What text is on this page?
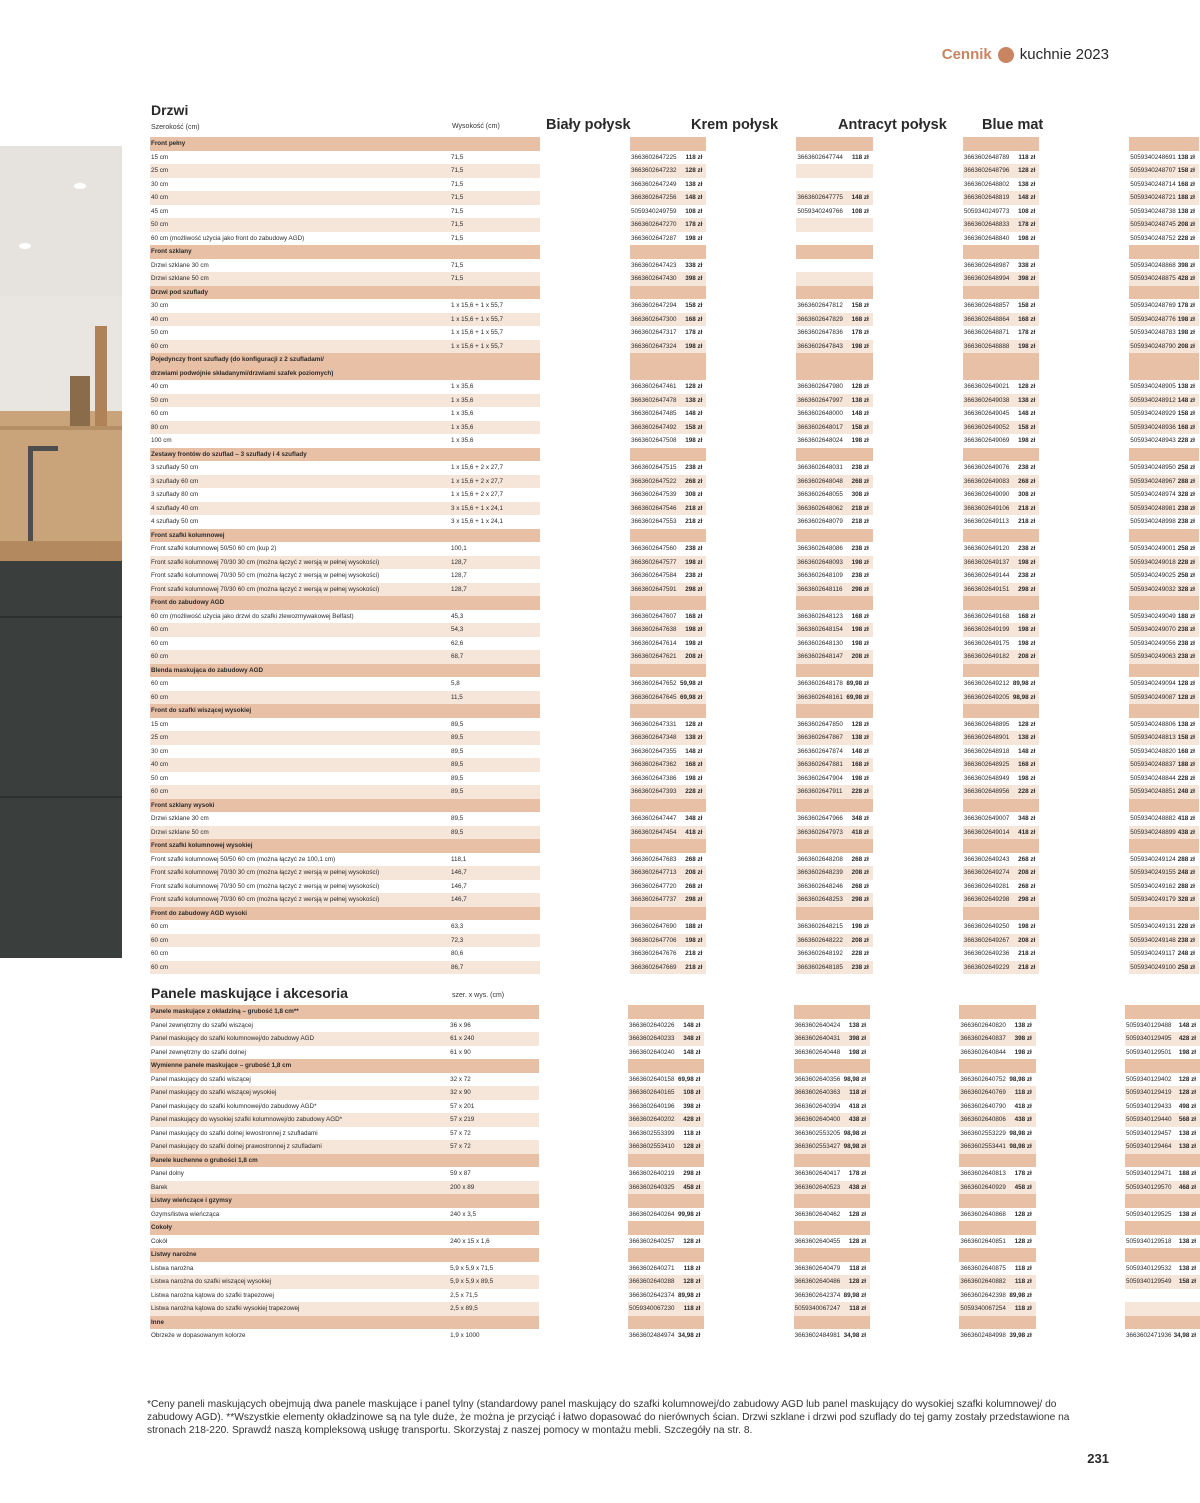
Cennik kuchnie 2023
Drzwi
Szerokość (cm)	Wysokość (cm)	Biały połysk	Krem połysk	Antracyt połysk Blue mat
Front pełny													
15 cm	71,5		3663602647225	118 zł		3663602647744	118 zł		3663602648789	118 zł		5059340248691	138 zł
25 cm	71,5		3663602647232	128 zł					3663602648796	128 zł		5059340248707	158 zł
30 cm	71,5		3663602647249	138 zł					3663602648802	138 zł		5059340248714	168 zł
40 cm	71,5		3663602647256	148 zł		3663602647775	148 zł		3663602648819	148 zł		5059340248721	188 zł
45 cm	71,5		5059340249759	108 zł		5059340249766	108 zł		5059340249773	108 zł		5059340248738	138 zł
50 cm	71,5		3663602647270	178 zł					3663602648833	178 zł		5059340248745	208 zł
60 cm (możliwość użycia jako front do zabudowy AGD)	71,5		3663602647287	198 zł					3663602648840	198 zł		5059340248752	228 zł
Front szklany													
Drzwi szklane 30 cm	71,5		3663602647423	338 zł					3663602648987	338 zł		5059340248868	398 zł
Drzwi szklane 50 cm	71,5		3663602647430	398 zł					3663602648994	398 zł		5059340248875	428 zł
Drzwi pod szuflady													
30 cm	1 x 15,6 + 1 x 55,7		3663602647294	158 zł		3663602647812	158 zł		3663602648857	158 zł		5059340248769	178 zł
40 cm	1 x 15,6 + 1 x 55,7		3663602647300	168 zł		3663602647829	168 zł		3663602648864	168 zł		5059340248776	198 zł
50 cm	1 x 15,6 + 1 x 55,7		3663602647317	178 zł		3663602647836	178 zł		3663602648871	178 zł		5059340248783	198 zł
60 cm	1 x 15,6 + 1 x 55,7		3663602647324	198 zł		3663602647843	198 zł		3663602648888	198 zł		5059340248790	208 zł
Pojedynczy front szuflady (do konfiguracji z 2 szufladami/													
drzwiami podwójnie składanymi/drzwiami szafek poziomych)													
40 cm	1 x 35,6		3663602647461	128 zł		3663602647980	128 zł		3663602649021	128 zł		5059340248905	138 zł
50 cm	1 x 35,6		3663602647478	138 zł		3663602647997	138 zł		3663602649038	138 zł		5059340248912	148 zł
60 cm	1 x 35,6		3663602647485	148 zł		3663602648000	148 zł		3663602649045	148 zł		5059340248929	158 zł
80 cm	1 x 35,6		3663602647492	158 zł		3663602648017	158 zł		3663602649052	158 zł		5059340248936	168 zł
100 cm	1 x 35,6		3663602647508	198 zł		3663602648024	198 zł		3663602649069	198 zł		5059340248943	228 zł
Zestawy frontów do szuflad – 3 szuflady i 4 szuflady													
3 szuflady 50 cm	1 x 15,6 + 2 x 27,7		3663602647515	238 zł		3663602648031	238 zł		3663602649076	238 zł		5059340248950	258 zł
3 szuflady 60 cm	1 x 15,6 + 2 x 27,7		3663602647522	268 zł		3663602648048	268 zł		3663602649083	268 zł		5059340248967	288 zł
3 szuflady 80 cm	1 x 15,6 + 2 x 27,7		3663602647539	308 zł		3663602648055	308 zł		3663602649090	308 zł		5059340248974	328 zł
4 szuflady 40 cm	3 x 15,6 + 1 x 24,1		3663602647546	218 zł		3663602648062	218 zł		3663602649106	218 zł		5059340248981	238 zł
4 szuflady 50 cm	3 x 15,6 + 1 x 24,1		3663602647553	218 zł		3663602648079	218 zł		3663602649113	218 zł		5059340248998	238 zł
Front szafki kolumnowej													
Front szafki kolumnowej 50/50 60 cm (kup 2)	100,1		3663602647560	238 zł		3663602648086	238 zł		3663602649120	238 zł		5059340249001	258 zł
Front szafki kolumnowej 70/30 30 cm (można łączyć z wersją w pełnej wysokości)	128,7		3663602647577	198 zł		3663602648093	198 zł		3663602649137	198 zł		5059340249018	228 zł
Front szafki kolumnowej 70/30 50 cm (można łączyć z wersją w pełnej wysokości)	128,7		3663602647584	238 zł		3663602648109	238 zł		3663602649144	238 zł		5059340249025	258 zł
Front szafki kolumnowej 70/30 60 cm (można łączyć z wersją w pełnej wysokości)	128,7		3663602647591	298 zł		3663602648116	298 zł		3663602649151	298 zł		5059340249032	328 zł
Front do zabudowy AGD													
60 cm (możliwość użycia jako drzwi do szafki zlewozmywakowej Belfast)	45,3		3663602647607	168 zł		3663602648123	168 zł		3663602649168	168 zł		5059340249049	188 zł
60 cm	54,3		3663602647638	198 zł		3663602648154	198 zł		3663602649199	198 zł		5059340249070	238 zł
60 cm	62,6		3663602647614	198 zł		3663602648130	198 zł		3663602649175	198 zł		5059340249056	238 zł
60 cm	68,7		3663602647621	208 zł		3663602648147	208 zł		3663602649182	208 zł		5059340249063	238 zł
Blenda maskująca do zabudowy AGD													
60 cm	5,8		3663602647652	59,98 zł		3663602648178	89,98 zł		3663602649212	89,98 zł		5059340249094	128 zł
60 cm	11,5		3663602647645	69,98 zł		3663602648161	69,98 zł		3663602649205	98,98 zł		5059340249087	128 zł
Front do szafki wiszącej wysokiej													
15 cm	89,5		3663602647331	128 zł		3663602647850	128 zł		3663602648895	128 zł		5059340248806	138 zł
25 cm	89,5		3663602647348	138 zł		3663602647867	138 zł		3663602648901	138 zł		5059340248813	158 zł
30 cm	89,5		3663602647355	148 zł		3663602647874	148 zł		3663602648918	148 zł		5059340248820	168 zł
40 cm	89,5		3663602647362	168 zł		3663602647881	168 zł		3663602648925	168 zł		5059340248837	188 zł
50 cm	89,5		3663602647386	198 zł		3663602647904	198 zł		3663602648949	198 zł		5059340248844	228 zł
60 cm	89,5		3663602647393	228 zł		3663602647911	228 zł		3663602648956	228 zł		5059340248851	248 zł
Front szklany wysoki													
Drzwi szklane 30 cm	89,5		3663602647447	348 zł		3663602647966	348 zł		3663602649007	348 zł		5059340248882	418 zł
Drzwi szklane 50 cm	89,5		3663602647454	418 zł		3663602647973	418 zł		3663602649014	418 zł		5059340248899	438 zł
Front szafki kolumnowej wysokiej													
Front szafki kolumnowej 50/50 60 cm (można łączyć ze 100,1 cm)	118,1		3663602647683	268 zł		3663602648208	268 zł		3663602649243	268 zł		5059340249124	288 zł
Front szafki kolumnowej 70/30 30 cm (można łączyć z wersją w pełnej wysokości)	146,7		3663602647713	208 zł		3663602648239	208 zł		3663602649274	208 zł		5059340249155	248 zł
Front szafki kolumnowej 70/30 50 cm (można łączyć z wersją w pełnej wysokości)	146,7		3663602647720	268 zł		3663602648246	268 zł		3663602649281	268 zł		5059340249162	288 zł
Front szafki kolumnowej 70/30 60 cm (można łączyć z wersją w pełnej wysokości)	146,7		3663602647737	298 zł		3663602648253	298 zł		3663602649298	298 zł		5059340249179	328 zł
Front do zabudowy AGD wysoki													
60 cm	63,3		3663602647690	188 zł		3663602648215	198 zł		3663602649250	198 zł		5059340249131	228 zł
60 cm	72,3		3663602647706	198 zł		3663602648222	208 zł		3663602649267	208 zł		5059340249148	238 zł
60 cm	80,6		3663602647676	218 zł		3663602648192	228 zł		3663602649236	218 zł		5059340249117	248 zł
60 cm	86,7		3663602647669	218 zł		3663602648185	238 zł		3663602649229	218 zł		5059340249100	258 zł
Panele maskujące i akcesoria	szer. x wys. (cm)
Panele maskujące z okładziną – grubość 1,8 cm**													
Panel zewnętrzny do szafki wiszącej	36 x 96		3663602640226	148 zł		3663602640424	138 zł		3663602640820	138 zł		5059340129488	148 zł
Panel maskujący do szafki kolumnowej/do zabudowy AGD	61 x 240		3663602640233	348 zł		3663602640431	398 zł		3663602640837	398 zł		5059340129495	428 zł
Panel zewnętrzny do szafki dolnej	61 x 90		3663602640240	148 zł		3663602640448	198 zł		3663602640844	198 zł		5059340129501	198 zł
Wymienne panele maskujące – grubość 1,8 cm													
Panel maskujący do szafki wiszącej	32 x 72		3663602640158	69,98 zł		3663602640356	98,98 zł		3663602640752	98,98 zł		5059340129402	128 zł
Panel maskujący do szafki wiszącej wysokiej	32 x 90		3663602640165	108 zł		3663602640363	118 zł		3663602640769	118 zł		5059340129419	128 zł
Panel maskujący do szafki kolumnowej/do zabudowy AGD*	57 x 201		3663602640196	398 zł		3663602640394	418 zł		3663602640790	418 zł		5059340129433	498 zł
Panel maskujący do wysokiej szafki kolumnowej/do zabudowy AGD*	57 x 219		3663602640202	428 zł		3663602640400	438 zł		3663602640806	438 zł		5059340129440	568 zł
Panel maskujący do szafki dolnej lewostronnej z szufladami	57 x 72		3663602553399	118 zł		3663602553205	98,98 zł		3663602553229	98,98 zł		5059340129457	138 zł
Panel maskujący do szafki dolnej prawostronnej z szufladami	57 x 72		3663602553410	128 zł		3663602553427	98,98 zł		3663602553441	98,98 zł		5059340129464	138 zł
Panele kuchenne o grubości 1,8 cm													
Panel dolny	59 x 87		3663602640219	298 zł		3663602640417	178 zł		3663602640813	178 zł		5059340129471	188 zł
Barek	200 x 89		3663602640325	458 zł		3663602640523	438 zł		3663602640929	458 zł		5059340129570	468 zł
Listwy wieńczące i gzymsy													
Gzyms/listwa wieńcząca	240 x 3,5		3663602640264	99,98 zł		3663602640462	128 zł		3663602640868	128 zł		5059340129525	138 zł
Cokoły													
Cokół	240 x 15 x 1,6		3663602640257	128 zł		3663602640455	128 zł		3663602640851	128 zł		5059340129518	138 zł
Listwy narożne													
Listwa narożna	5,9 x 5,9 x 71,5		3663602640271	118 zł		3663602640479	118 zł		3663602640875	118 zł		5059340129532	138 zł
Listwa narożna do szafki wiszącej wysokiej	5,9 x 5,9 x 89,5		3663602640288	128 zł		3663602640486	128 zł		3663602640882	118 zł		5059340129549	158 zł
Listwa narożna kątowa do szafki trapezowej	2,5 x 71,5		3663602642374	89,98 zł		3663602642374	89,98 zł		3663602642398	89,98 zł			
Listwa narożna kątowa do szafki wysokiej trapezowej	2,5 x 89,5		5059340067230	118 zł		5059340067247	118 zł		5059340067254	118 zł			
Inne													
Obrzeże w dopasowanym kolorze	1,9 x 1000		3663602484974	34,98 zł		3663602484981	34,98 zł		3663602484998	39,98 zł		3663602471936	34,98 zł
*Ceny paneli maskujących obejmują dwa panele maskujące i panel tylny (standardowy panel maskujący do szafki kolumnowej/do zabudowy AGD lub panel maskujący do wysokiej szafki kolumnowej/ do zabudowy AGD). **Wszystkie elementy okładzinowe są na tyle duże, że można je przyciąć i łatwo dopasować do nierównych ścian. Drzwi szklane i drzwi pod szuflady do tej gamy zostały przedstawione na stronach 218-220. Sprawdź naszą kompleksową usługę transportu. Skorzystaj z naszej pomocy w montażu mebli. Szczegóły na str. 8.
231
